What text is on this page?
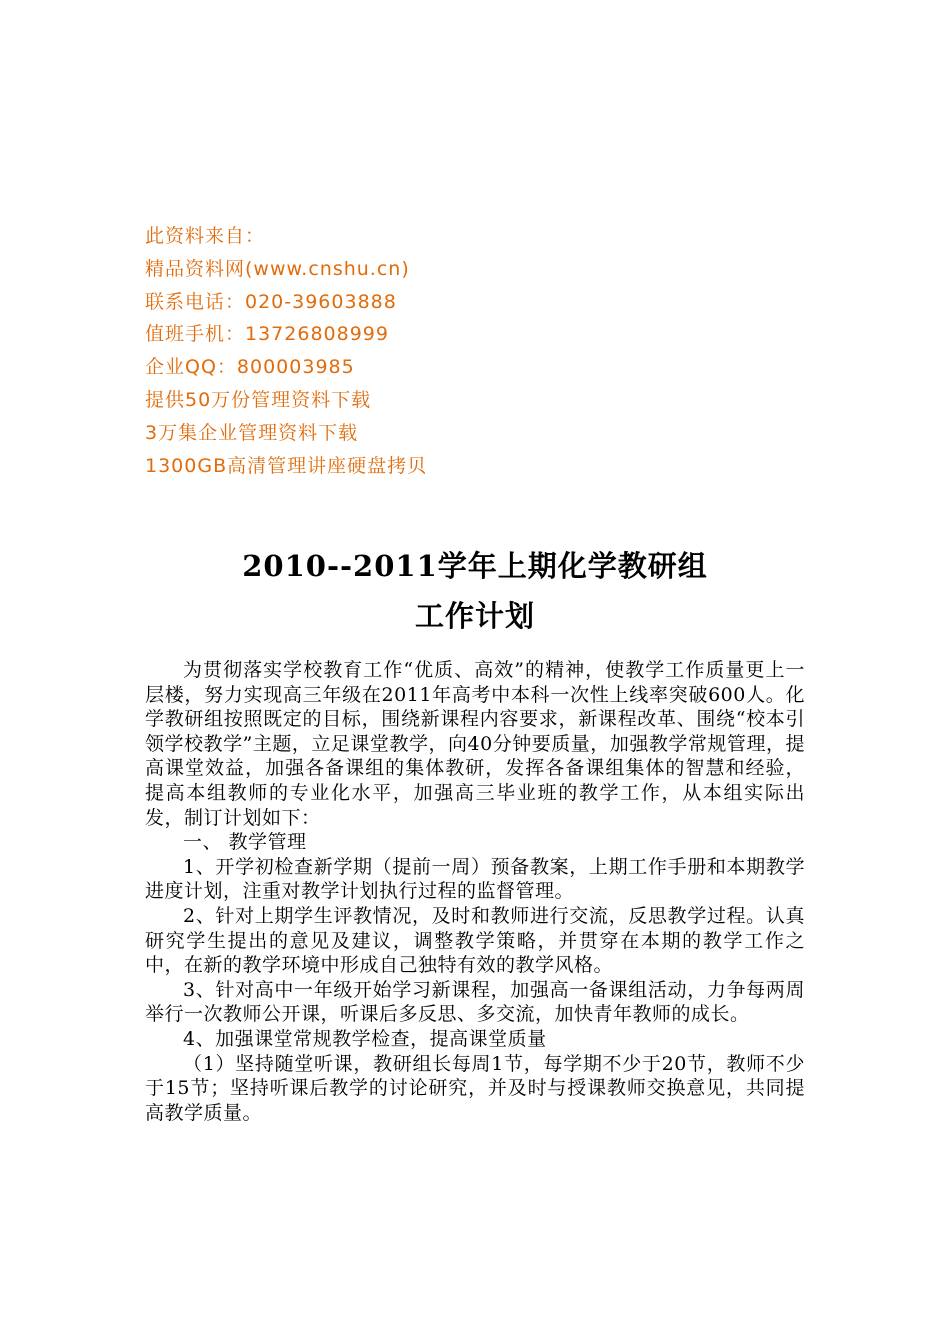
此资料来自：
精品资料网(www.cnshu.cn)
联系电话：020-39603888
值班手机：13726808999
企业QQ：800003985
提供50万份管理资料下载
3万集企业管理资料下载
1300GB高清管理讲座硬盘拷贝
2010--2011学年上期化学教研组
工作计划

为贯彻落实学校教育工作“优质、高效”的精神，使教学工作质量更上一层楼，努力实现高三年级在2011年高考中本科一次性上线率突破600人。化学教研组按照既定的目标，围绕新课程内容要求，新课程改革、围绕“校本引领学校教学”主题，立足课堂教学，向40分钟要质量，加强教学常规管理，提高课堂效益，加强各备课组的集体教研，发挥各备课组集体的智慧和经验，提高本组教师的专业化水平，加强高三毕业班的教学工作，从本组实际出发，制订计划如下：

一、 教学管理

1、开学初检查新学期（提前一周）预备教案，上期工作手册和本期教学进度计划，注重对教学计划执行过程的监督管理。

2、针对上期学生评教情况，及时和教师进行交流，反思教学过程。认真研究学生提出的意见及建议，调整教学策略，并贯穿在本期的教学工作之中，在新的教学环境中形成自己独特有效的教学风格。

3、针对高中一年级开始学习新课程，加强高一备课组活动，力争每两周举行一次教师公开课，听课后多反思、多交流，加快青年教师的成长。

4、加强课堂常规教学检查，提高课堂质量

（1）坚持随堂听课，教研组长每周1节，每学期不少于20节，教师不少于15节；坚持听课后教学的讨论研究，并及时与授课教师交换意见，共同提高教学质量。
